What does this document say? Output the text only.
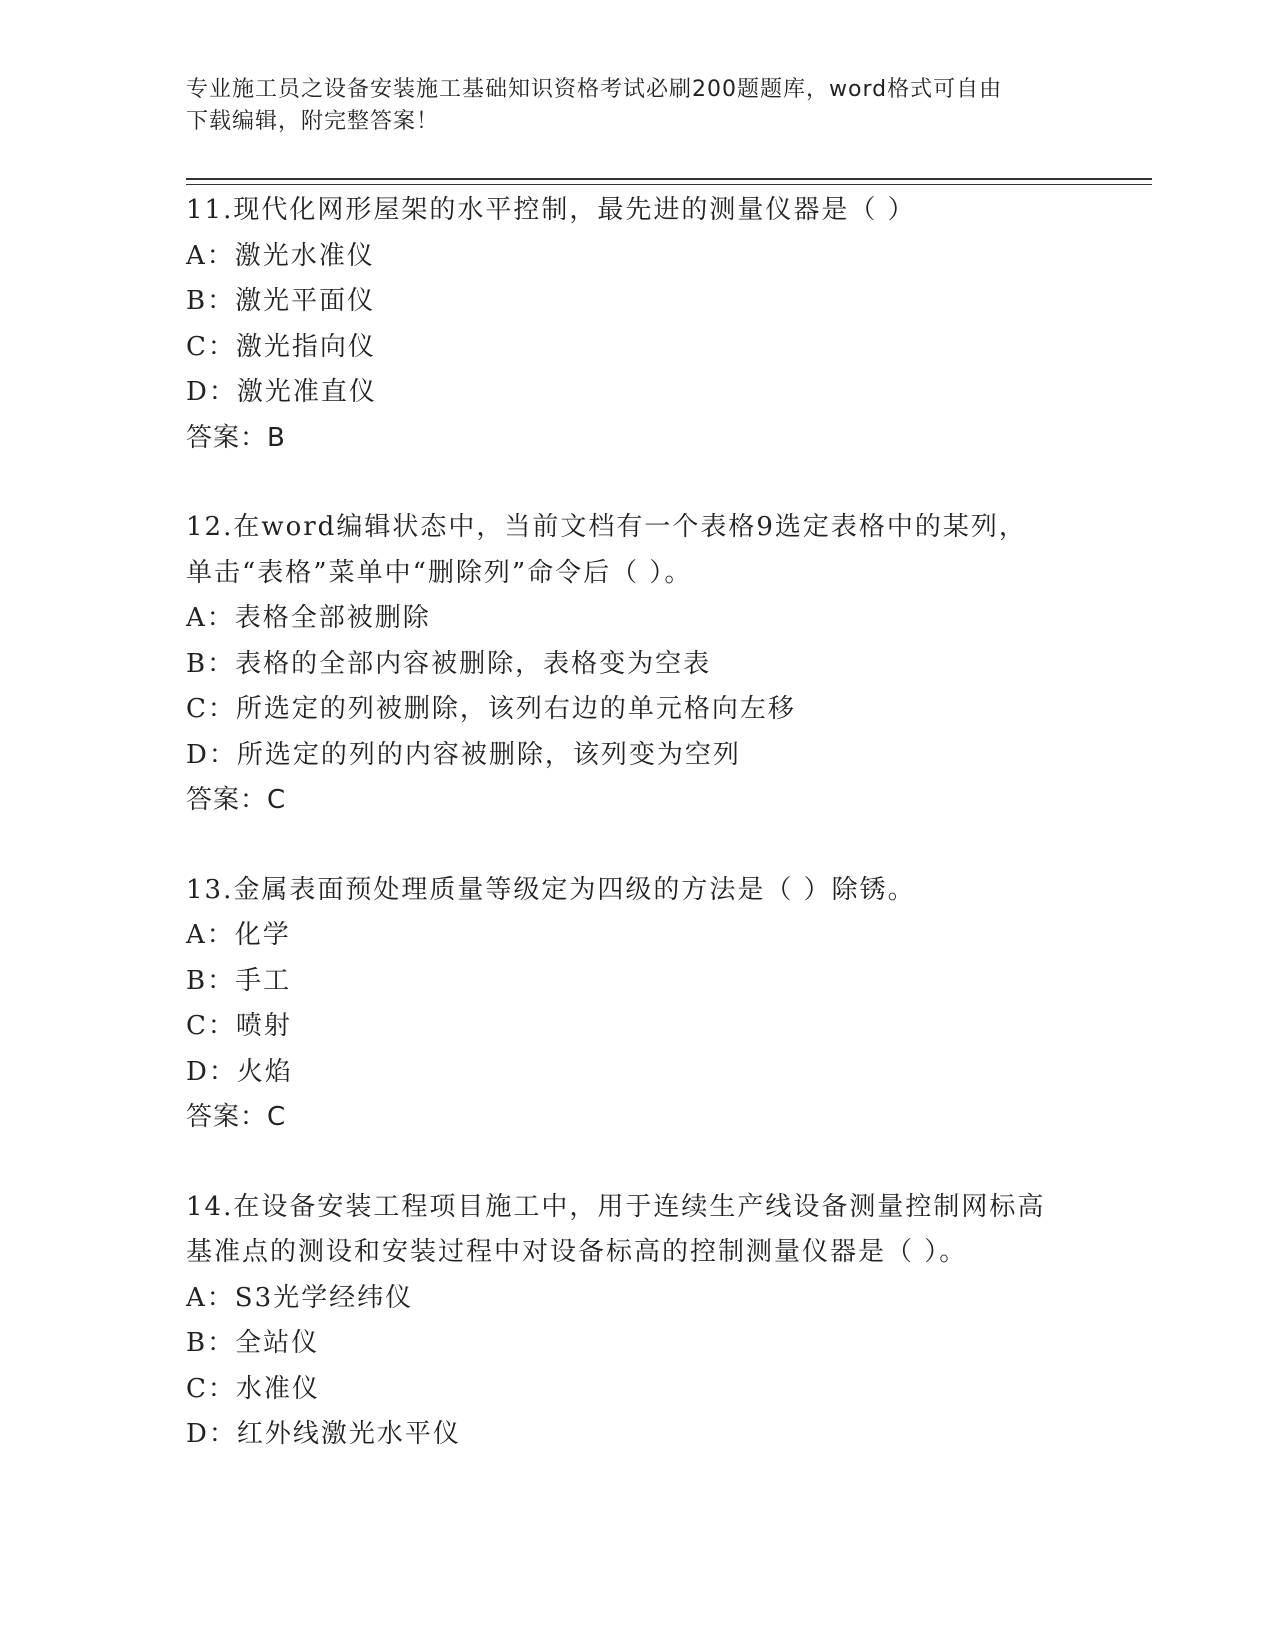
专业施工员之设备安装施工基础知识资格考试必刷200题题库，word格式可自由
下载编辑，附完整答案！
11.现代化网形屋架的水平控制，最先进的测量仪器是（ ）
A：激光水准仪
B：激光平面仪
C：激光指向仪
D：激光准直仪
答案：B
12.在word编辑状态中，当前文档有一个表格9选定表格中的某列，
单击“表格”菜单中“删除列”命令后（ ）。
A：表格全部被删除
B：表格的全部内容被删除，表格变为空表
C：所选定的列被删除，该列右边的单元格向左移
D：所选定的列的内容被删除，该列变为空列
答案：C
13.金属表面预处理质量等级定为四级的方法是（ ）除锈。
A：化学
B：手工
C：喷射
D：火焰
答案：C
14.在设备安装工程项目施工中，用于连续生产线设备测量控制网标高
基准点的测设和安装过程中对设备标高的控制测量仪器是（ ）。
A：S3光学经纬仪
B：全站仪
C：水准仪
D：红外线激光水平仪
